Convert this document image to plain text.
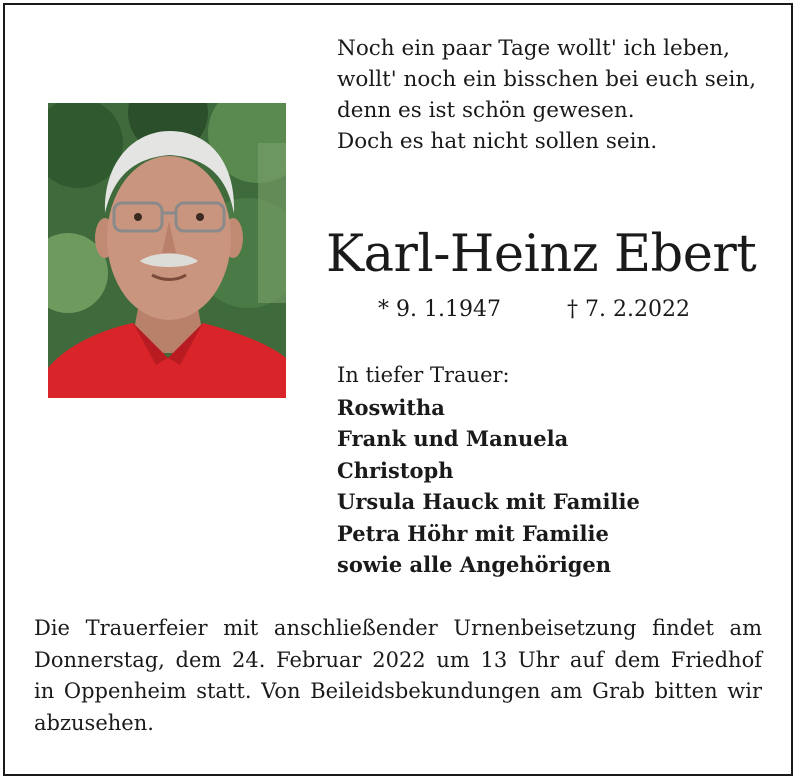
Noch ein paar Tage wollt' ich leben,
wollt' noch ein bisschen bei euch sein,
denn es ist schön gewesen.
Doch es hat nicht sollen sein.
Karl-Heinz Ebert
* 9. 1.1947	† 7. 2.2022
In tiefer Trauer:
Roswitha
Frank und Manuela
Christoph
Ursula Hauck mit Familie
Petra Höhr mit Familie
sowie alle Angehörigen
Die Trauerfeier mit anschließender Urnenbeisetzung findet am
Donnerstag, dem 24. Februar 2022 um 13 Uhr auf dem Friedhof
in Oppenheim statt. Von Beileidsbekundungen am Grab bitten wir
abzusehen.
